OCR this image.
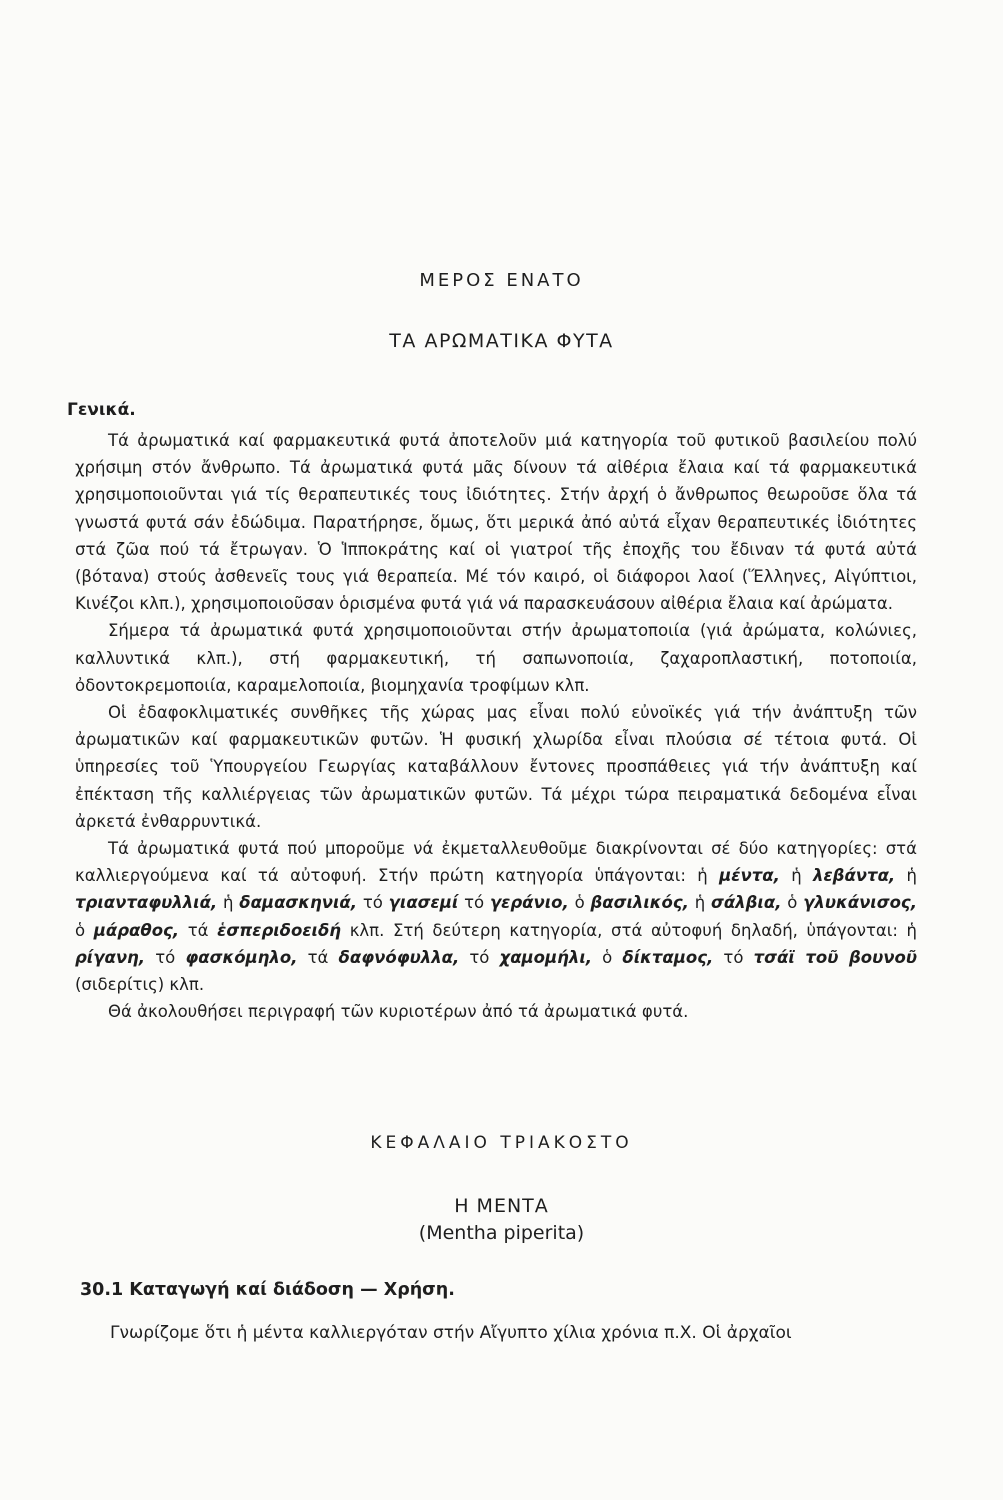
ΜΕΡΟΣ ΕΝΑΤΟ
ΤΑ ΑΡΩΜΑΤΙΚΑ ΦΥΤΑ
Γενικά.

Τά ἀρωματικά καί φαρμακευτικά φυτά ἀποτελοῦν μιά κατηγορία τοῦ φυτικοῦ βασιλείου πολύ χρήσιμη στόν ἄνθρωπο. Τά ἀρωματικά φυτά μᾶς δίνουν τά αἰθέρια ἔλαια καί τά φαρμακευτικά χρησιμοποιοῦνται γιά τίς θεραπευτικές τους ἰδιότητες. Στήν ἀρχή ὁ ἄνθρωπος θεωροῦσε ὅλα τά γνωστά φυτά σάν ἐδώδιμα. Παρατήρησε, ὅμως, ὅτι μερικά ἀπό αὐτά εἶχαν θεραπευτικές ἰδιότητες στά ζῶα πού τά ἔτρωγαν. Ὁ Ἱπποκράτης καί οἱ γιατροί τῆς ἐποχῆς του ἔδιναν τά φυτά αὐτά (βότανα) στούς ἀσθενεῖς τους γιά θεραπεία. Μέ τόν καιρό, οἱ διάφοροι λαοί (Ἕλληνες, Αἰγύπτιοι, Κινέζοι κλπ.), χρησιμοποιοῦσαν ὁρισμένα φυτά γιά νά παρασκευάσουν αἰθέρια ἔλαια καί ἀρώματα.

Σήμερα τά ἀρωματικά φυτά χρησιμοποιοῦνται στήν ἀρωματοποιία (γιά ἀρώματα, κολώνιες, καλλυντικά κλπ.), στή φαρμακευτική, τή σαπωνοποιία, ζαχαροπλαστική, ποτοποιία, ὀδοντοκρεμοποιία, καραμελοποιία, βιομηχανία τροφίμων κλπ.

Οἱ ἐδαφοκλιματικές συνθῆκες τῆς χώρας μας εἶναι πολύ εὐνοϊκές γιά τήν ἀνάπτυξη τῶν ἀρωματικῶν καί φαρμακευτικῶν φυτῶν. Ἡ φυσική χλωρίδα εἶναι πλούσια σέ τέτοια φυτά. Οἱ ὑπηρεσίες τοῦ Ὑπουργείου Γεωργίας καταβάλλουν ἔντονες προσπάθειες γιά τήν ἀνάπτυξη καί ἐπέκταση τῆς καλλιέργειας τῶν ἀρωματικῶν φυτῶν. Τά μέχρι τώρα πειραματικά δεδομένα εἶναι ἀρκετά ἐνθαρρυντικά.

Τά ἀρωματικά φυτά πού μποροῦμε νά ἐκμεταλλευθοῦμε διακρίνονται σέ δύο κατηγορίες: στά καλλιεργούμενα καί τά αὐτοφυή. Στήν πρώτη κατηγορία ὑπάγονται: ἡ μέντα, ἡ λεβάντα, ἡ τριανταφυλλιά, ἡ δαμασκηνιά, τό γιασεμί τό γεράνιο, ὁ βασιλικός, ἡ σάλβια, ὁ γλυκάνισος, ὁ μάραθος, τά ἑσπεριδοειδή κλπ. Στή δεύτερη κατηγορία, στά αὐτοφυή δηλαδή, ὑπάγονται: ἡ ρίγανη, τό φασκόμηλο, τά δαφνόφυλλα, τό χαμομήλι, ὁ δίκταμος, τό τσάϊ τοῦ βουνοῦ (σιδερίτις) κλπ.

Θά ἀκολουθήσει περιγραφή τῶν κυριοτέρων ἀπό τά ἀρωματικά φυτά.

ΚΕΦΑΛΑΙΟ ΤΡΙΑΚΟΣΤΟ
Η ΜΕΝΤΑ
(Mentha piperita)
30.1 Καταγωγή καί διάδοση — Χρήση.

Γνωρίζομε ὅτι ἡ μέντα καλλιεργόταν στήν Αἴγυπτο χίλια χρόνια π.Χ. Οἱ ἀρχαῖοι
